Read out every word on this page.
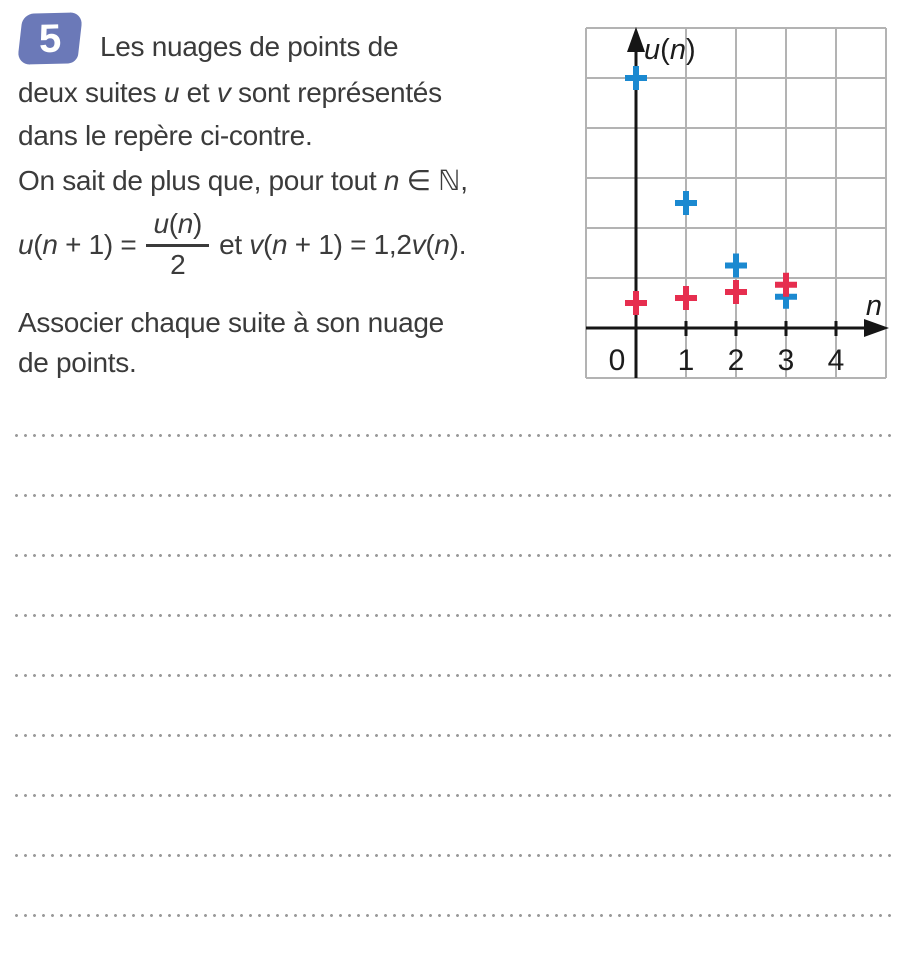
5 Les nuages de points de
deux suites u et v sont représentés
dans le repère ci-contre.
On sait de plus que, pour tout n ∈ ℕ,
$u(n + 1) = \frac{u(n)}{2}$ et v(n + 1) = 1,2v(n).
Associer chaque suite à son nuage
de points.
u(n)
n
0 1 2 3 4
